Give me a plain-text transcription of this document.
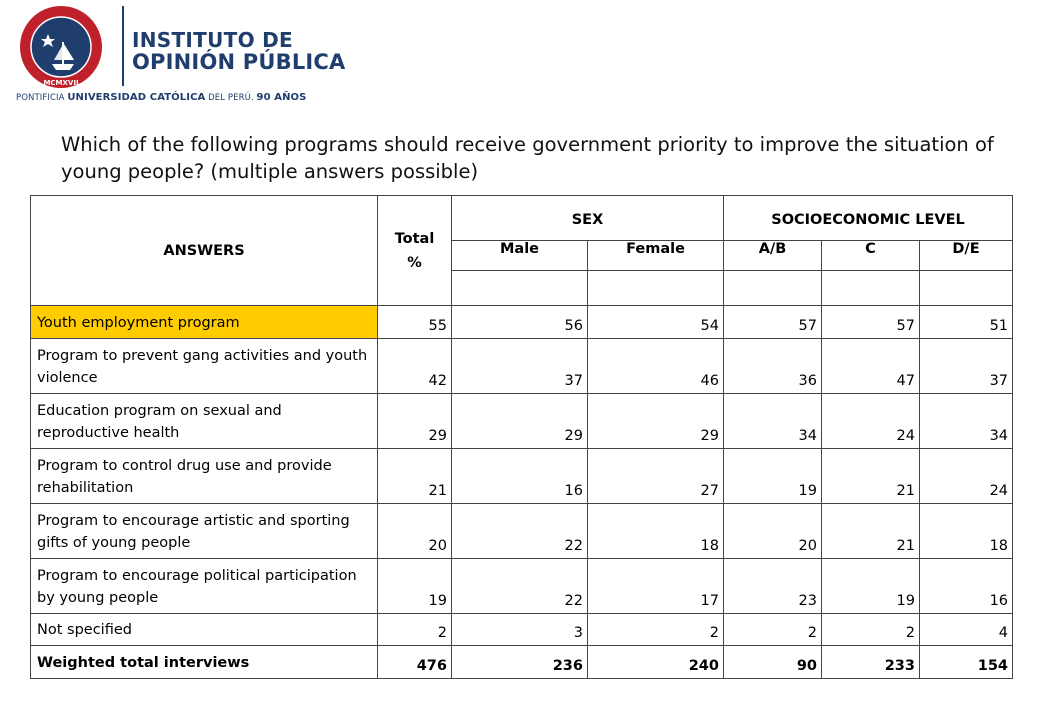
MCMXVII
INSTITUTO DE
OPINIÓN PÚBLICA
PONTIFICIA UNIVERSIDAD CATÓLICA DEL PERÚ. 90 AÑOS
Which of the following programs should receive government priority to improve the situation of young people? (multiple answers possible)
ANSWERS	Total %	SEX		SOCIOECONOMIC LEVEL		
		Male	Female	A/B	C	D/E

Youth employment program	55	56	54	57	57	51
Program to prevent gang activities and youth violence	42	37	46	36	47	37
Education program on sexual and reproductive health	29	29	29	34	24	34
Program to control drug use and provide rehabilitation	21	16	27	19	21	24
Program to encourage artistic and sporting gifts of young people	20	22	18	20	21	18
Program to encourage political participation by young people	19	22	17	23	19	16
Not specified	2	3	2	2	2	4
Weighted total interviews	476	236	240	90	233	154
